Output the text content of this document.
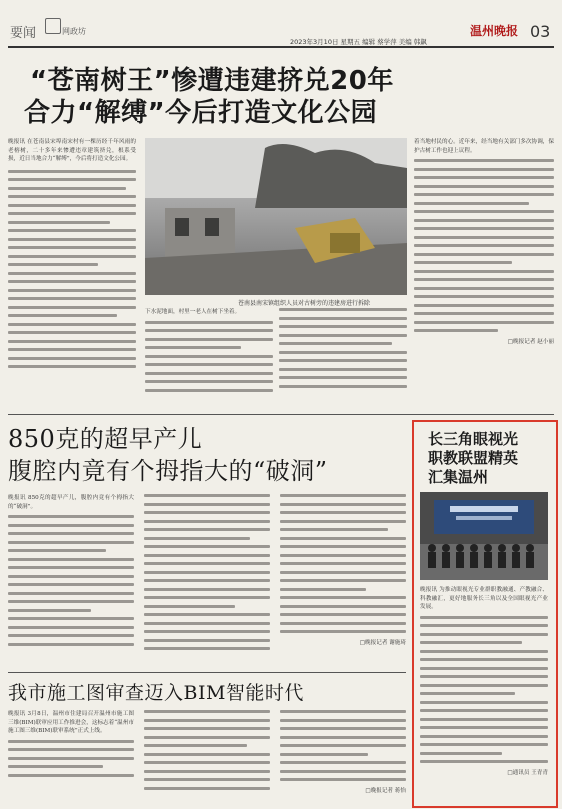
要闻	网政坊	温州晚报 03
2023年3月10日 星期五 编辑 蔡学萍 美编 韩飙
“苍南树王”惨遭违建挤兑20年
合力“解缚”今后打造文化公园
晚报讯 在苍南县宋埠南宋村有一棵历经千年风雨的老榕树，二十多年来惨遭违章建筑挤兑，根系受损，近日当地合力“解缚”，今后将打造文化公园。
苍南县南宋镇组织人员对古树旁的违建房进行拆除
下水泥地面，村里一老人在树下坐着。
着当地村民的心。近年来，经当地有关部门多次协调，保护古树工作也迎上议程。
□晚报记者 赵小丽
850克的超早产儿
腹腔内竟有个拇指大的“破洞”
晚报讯 850克的超早产儿，腹腔内竟有个拇指大的“破洞”。
□晚报记者 谢施琦
长三角眼视光
职教联盟精英
汇集温州
晚报讯 为推动眼视光专业群职教融通、产教融合、科教融汇，更好地服务长三角以及全国眼视光产业发展。
□通讯员 王青青
我市施工图审查迈入BIM智能时代
晚报讯 3月8日，温州市住建局召开温州市施工图三维(BIM)联审应用工作推进会，这标志着“温州市施工图三维(BIM)联审系统”正式上线。
□晚报记者 蒋怡
